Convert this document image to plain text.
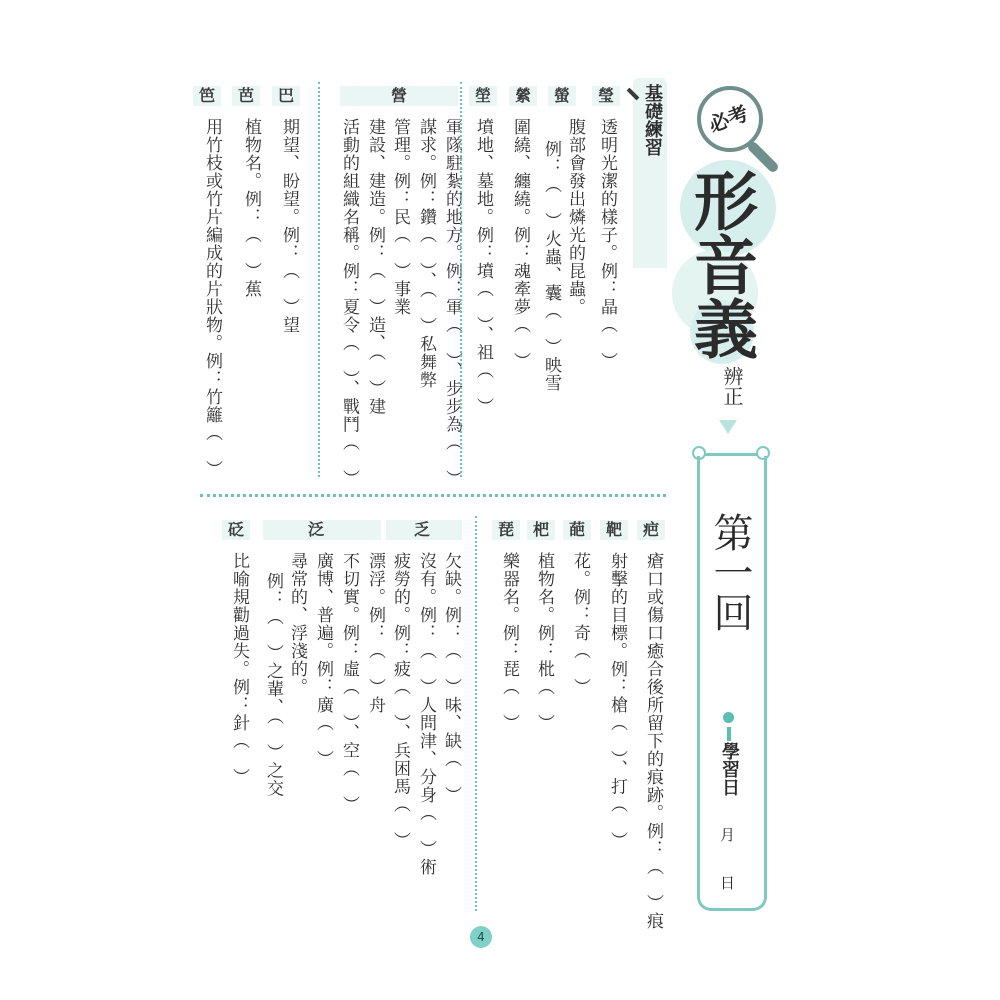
必考
形音義
辨正
第一回
學習日
月
日
基礎練習
瑩
縈	螢
塋
營
巴
芭
笆
透明光潔的樣子。例：晶（　）
腹部會發出燐光的昆蟲。
例：（　）火蟲、囊（　）映雪
圍繞、纏繞。例：魂牽夢（　）
墳地、墓地。例：墳（　）、祖（　）
軍隊駐紮的地方。例：軍（　）、步步為（　）
謀求。例：鑽（　）、（　）私舞弊
管理。例：民（　）事業
建設、建造。例：（　）造、（　）建
活動的組織名稱。例：夏令（　）、戰鬥（　）
期望、盼望。例：（　）望
植物名。例：（　）蕉
用竹枝或竹片編成的片狀物。例：竹籬（　）
疤
靶
葩
杷
琵
乏
泛
砭
瘡口或傷口癒合後所留下的痕跡。例：（　）痕
射擊的目標。例：槍（　）、打（　）
花。例：奇（　）
植物名。例：枇（　）
樂器名。例：琵（　）
欠缺。例：（　）味、缺（　）
沒有。例：（　）人問津、分身（　）術
疲勞的。例：疲（　）、兵困馬（　）
漂浮。例：（　）舟
不切實。例：虛（　）、空（　）
廣博、普遍。例：廣（　）
尋常的、浮淺的。
例：（　）之輩、（　）之交
比喻規勸過失。例：針（　）
4
